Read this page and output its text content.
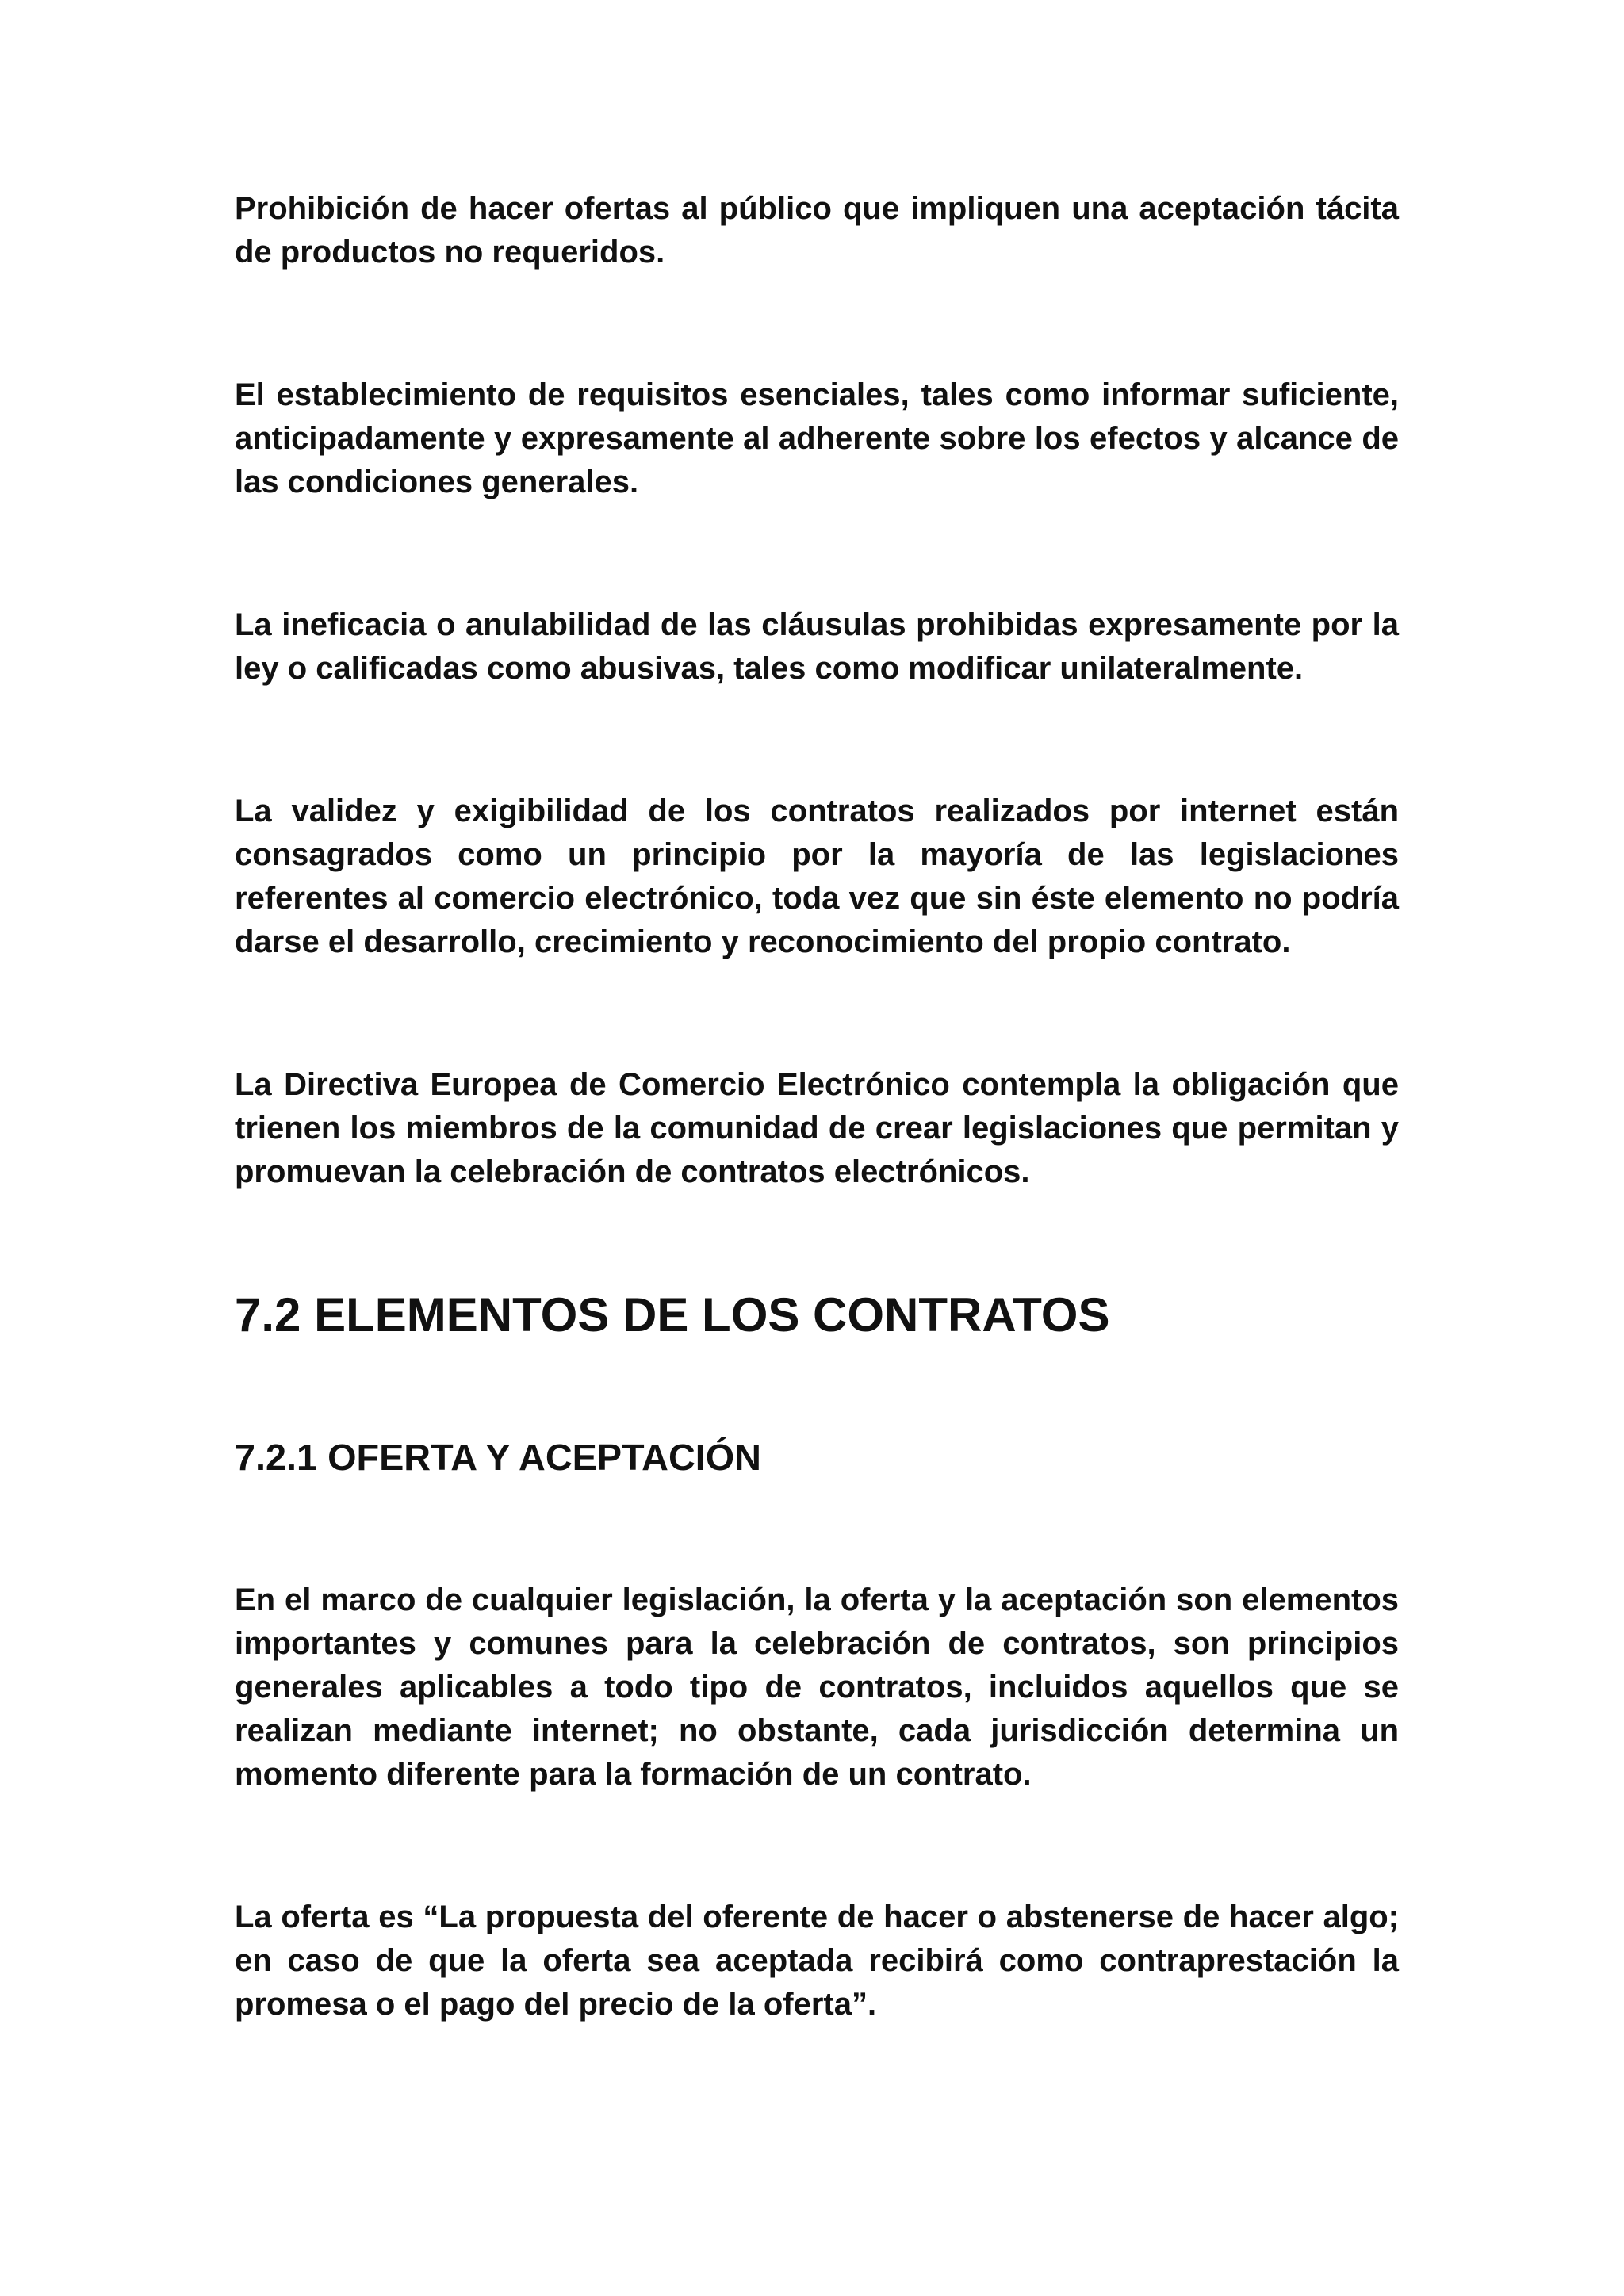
Prohibición de hacer ofertas al público que impliquen una aceptación tácita de productos no requeridos.

El establecimiento de requisitos esenciales, tales como informar suficiente, anticipadamente y expresamente al adherente sobre los efectos y alcance de las condiciones generales.

La ineficacia o anulabilidad de las cláusulas prohibidas expresamente por la ley o calificadas como abusivas, tales como modificar unilateralmente.

La validez y exigibilidad de los contratos realizados por internet están consagrados como un principio por la mayoría de las legislaciones referentes al comercio electrónico, toda vez que sin éste elemento no podría darse el desarrollo, crecimiento y reconocimiento del propio contrato.

La Directiva Europea de Comercio Electrónico contempla la obligación que trienen los miembros de la comunidad de crear legislaciones que permitan y promuevan la celebración de contratos electrónicos.

7.2 ELEMENTOS DE LOS CONTRATOS
7.2.1 OFERTA Y ACEPTACIÓN

En el marco de cualquier legislación, la oferta y la aceptación son elementos importantes y comunes para la celebración de contratos, son principios generales aplicables a todo tipo de contratos, incluidos aquellos que se realizan mediante internet; no obstante, cada jurisdicción determina un momento diferente para la formación de un contrato.

La oferta es “La propuesta del oferente de hacer o abstenerse de hacer algo; en caso de que la oferta sea aceptada recibirá como contraprestación la promesa o el pago del precio de la oferta”.
